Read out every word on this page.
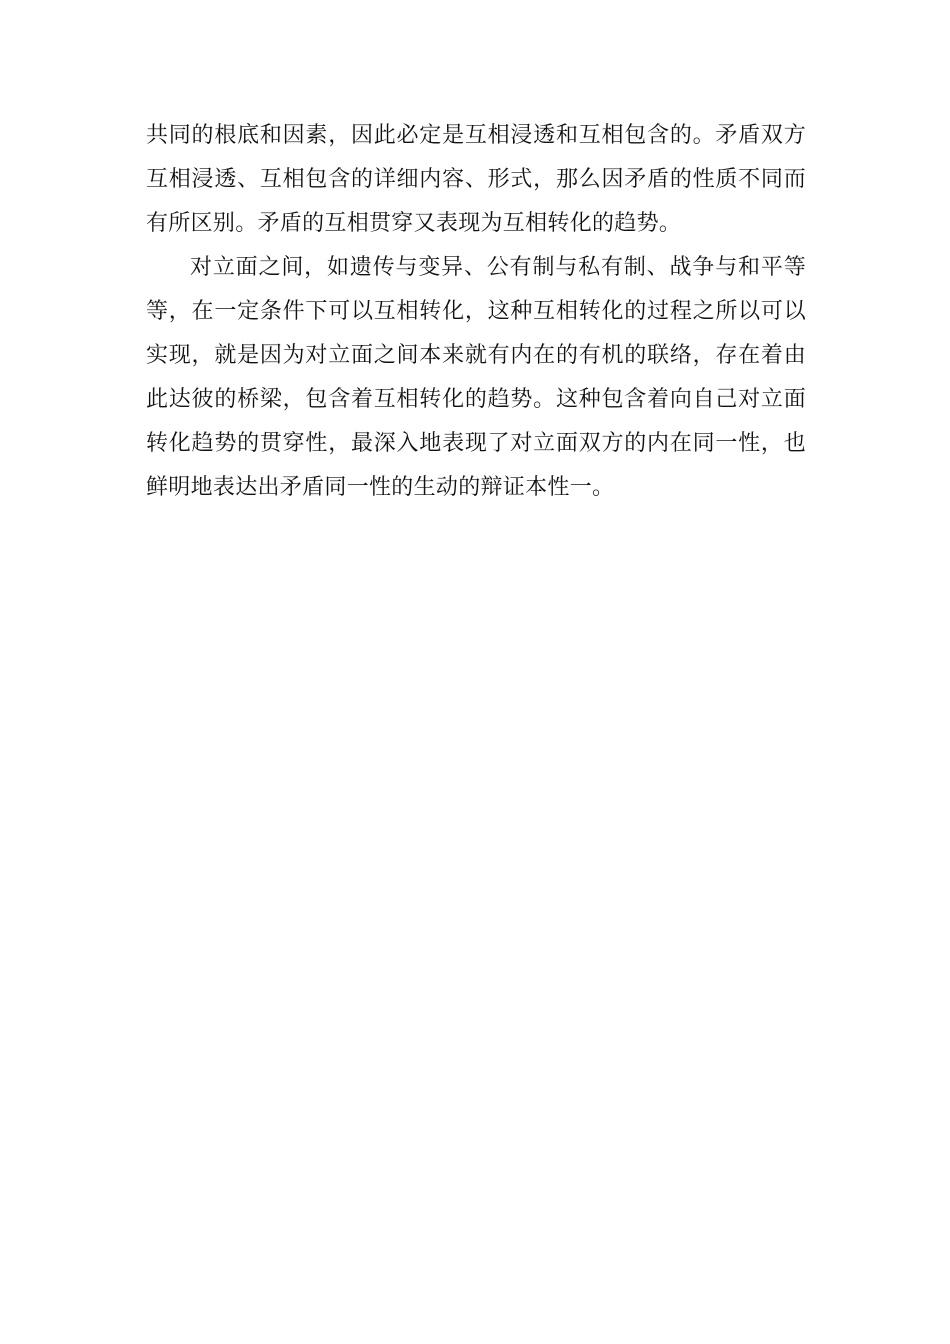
共同的根底和因素，因此必定是互相浸透和互相包含的。矛盾双方
互相浸透、互相包含的详细内容、形式，那么因矛盾的性质不同而
有所区别。矛盾的互相贯穿又表现为互相转化的趋势。
对立面之间，如遗传与变异、公有制与私有制、战争与和平等
等，在一定条件下可以互相转化，这种互相转化的过程之所以可以
实现，就是因为对立面之间本来就有内在的有机的联络，存在着由
此达彼的桥梁，包含着互相转化的趋势。这种包含着向自己对立面
转化趋势的贯穿性，最深入地表现了对立面双方的内在同一性，也
鲜明地表达出矛盾同一性的生动的辩证本性一。
